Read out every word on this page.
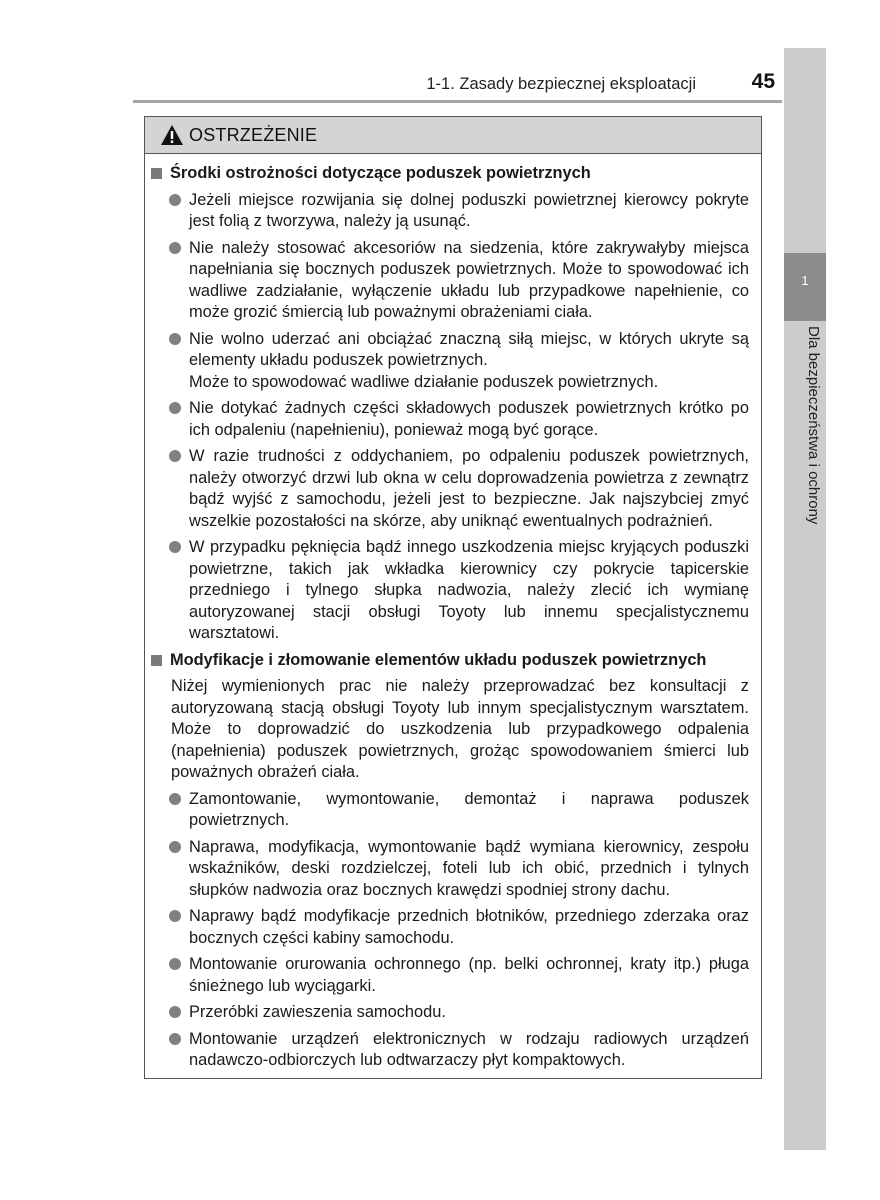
1
Dla bezpieczeństwa i ochrony
1-1. Zasady bezpiecznej eksploatacji	45
OSTRZEŻENIE
Środki ostrożności dotyczące poduszek powietrznych
Jeżeli miejsce rozwijania się dolnej poduszki powietrznej kierowcy pokryte jest folią z tworzywa, należy ją usunąć.
Nie należy stosować akcesoriów na siedzenia, które zakrywałyby miejsca napełniania się bocznych poduszek powietrznych. Może to spowodować ich wadliwe zadziałanie, wyłączenie układu lub przypadkowe napełnienie, co może grozić śmiercią lub poważnymi obrażeniami ciała.
Nie wolno uderzać ani obciążać znaczną siłą miejsc, w których ukryte są elementy układu poduszek powietrznych.
Może to spowodować wadliwe działanie poduszek powietrznych.
Nie dotykać żadnych części składowych poduszek powietrznych krótko po ich odpaleniu (napełnieniu), ponieważ mogą być gorące.
W razie trudności z oddychaniem, po odpaleniu poduszek powietrznych, należy otworzyć drzwi lub okna w celu doprowadzenia powietrza z zewnątrz bądź wyjść z samochodu, jeżeli jest to bezpieczne. Jak najszybciej zmyć wszelkie pozostałości na skórze, aby uniknąć ewentualnych podrażnień.
W przypadku pęknięcia bądź innego uszkodzenia miejsc kryjących poduszki powietrzne, takich jak wkładka kierownicy czy pokrycie tapicerskie przedniego i tylnego słupka nadwozia, należy zlecić ich wymianę autoryzowanej stacji obsługi Toyoty lub innemu specjalistycznemu warsztatowi.
Modyfikacje i złomowanie elementów układu poduszek powietrznych
Niżej wymienionych prac nie należy przeprowadzać bez konsultacji z autoryzowaną stacją obsługi Toyoty lub innym specjalistycznym warsztatem. Może to doprowadzić do uszkodzenia lub przypadkowego odpalenia (napełnienia) poduszek powietrznych, grożąc spowodowaniem śmierci lub poważnych obrażeń ciała.
Zamontowanie, wymontowanie, demontaż i naprawa poduszek powietrznych.
Naprawa, modyfikacja, wymontowanie bądź wymiana kierownicy, zespołu wskaźników, deski rozdzielczej, foteli lub ich obić, przednich i tylnych słupków nadwozia oraz bocznych krawędzi spodniej strony dachu.
Naprawy bądź modyfikacje przednich błotników, przedniego zderzaka oraz bocznych części kabiny samochodu.
Montowanie orurowania ochronnego (np. belki ochronnej, kraty itp.) pługa śnieżnego lub wyciągarki.
Przeróbki zawieszenia samochodu.
Montowanie urządzeń elektronicznych w rodzaju radiowych urządzeń nadawczo-odbiorczych lub odtwarzaczy płyt kompaktowych.
